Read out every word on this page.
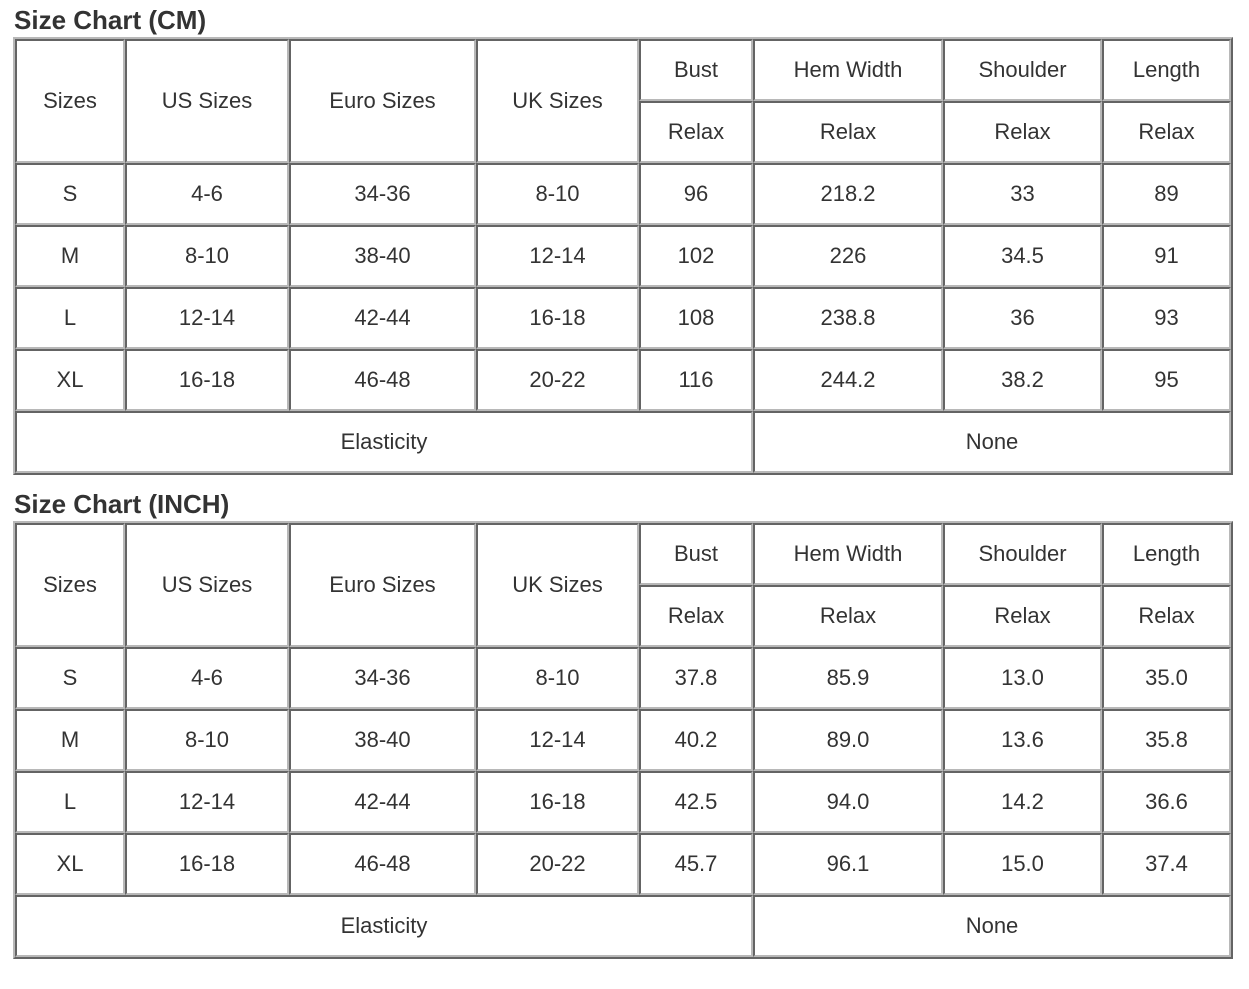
Size Chart (CM)
Sizes	US Sizes	Euro Sizes	UK Sizes	Bust	Hem Width	Shoulder	Length
				Relax	Relax	Relax	Relax
S	4-6	34-36	8-10	96	218.2	33	89
M	8-10	38-40	12-14	102	226	34.5	91
L	12-14	42-44	16-18	108	238.8	36	93
XL	16-18	46-48	20-22	116	244.2	38.2	95
Elasticity					None		
Size Chart (INCH)
Sizes	US Sizes	Euro Sizes	UK Sizes	Bust	Hem Width	Shoulder	Length
				Relax	Relax	Relax	Relax
S	4-6	34-36	8-10	37.8	85.9	13.0	35.0
M	8-10	38-40	12-14	40.2	89.0	13.6	35.8
L	12-14	42-44	16-18	42.5	94.0	14.2	36.6
XL	16-18	46-48	20-22	45.7	96.1	15.0	37.4
Elasticity					None		
